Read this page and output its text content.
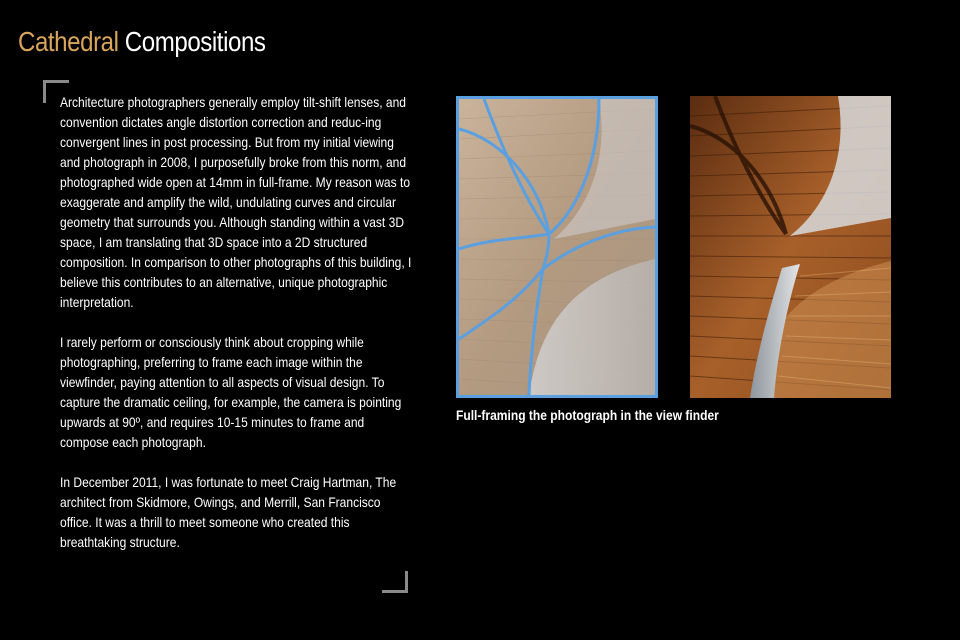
Cathedral Compositions

Architecture photographers generally employ tilt-shift lenses, and convention dictates angle distortion correction and reduc-ing convergent lines in post processing. But from my initial viewing and photograph in 2008, I purposefully broke from this norm, and photographed wide open at 14mm in full-frame. My reason was to exaggerate and amplify the wild, undulating curves and circular geometry that surrounds you. Although standing within a vast 3D space, I am translating that 3D space into a 2D structured composition. In comparison to other photographs of this building, I believe this contributes to an alternative, unique photographic interpretation.

I rarely perform or consciously think about cropping while photographing, preferring to frame each image within the viewfinder, paying attention to all aspects of visual design. To capture the dramatic ceiling, for example, the camera is pointing upwards at 90º, and requires 10-15 minutes to frame and compose each photograph.

In December 2011, I was fortunate to meet Craig Hartman, The architect from Skidmore, Owings, and Merrill, San Francisco office. It was a thrill to meet someone who created this breathtaking structure.

Full-framing the photograph in the view finder
